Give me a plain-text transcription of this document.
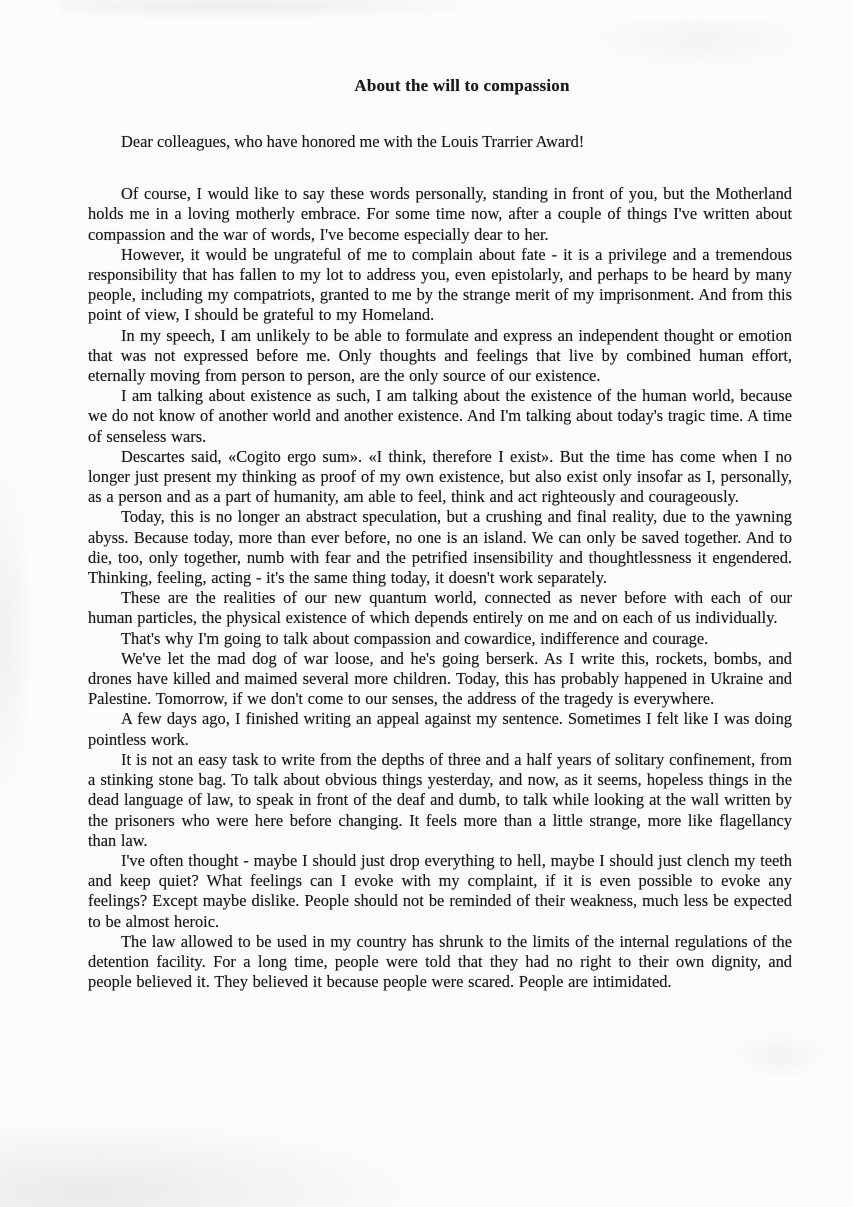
About the will to compassion

Dear colleagues, who have honored me with the Louis Trarrier Award!

Of course, I would like to say these words personally, standing in front of you, but the Motherland holds me in a loving motherly embrace. For some time now, after a couple of things I've written about compassion and the war of words, I've become especially dear to her.

However, it would be ungrateful of me to complain about fate - it is a privilege and a tremendous responsibility that has fallen to my lot to address you, even epistolarly, and perhaps to be heard by many people, including my compatriots, granted to me by the strange merit of my imprisonment. And from this point of view, I should be grateful to my Homeland.

In my speech, I am unlikely to be able to formulate and express an independent thought or emotion that was not expressed before me. Only thoughts and feelings that live by combined human effort, eternally moving from person to person, are the only source of our existence.

I am talking about existence as such, I am talking about the existence of the human world, because we do not know of another world and another existence. And I'm talking about today's tragic time. A time of senseless wars.

Descartes said, «Cogito ergo sum». «I think, therefore I exist». But the time has come when I no longer just present my thinking as proof of my own existence, but also exist only insofar as I, personally, as a person and as a part of humanity, am able to feel, think and act righteously and courageously.

Today, this is no longer an abstract speculation, but a crushing and final reality, due to the yawning abyss. Because today, more than ever before, no one is an island. We can only be saved together. And to die, too, only together, numb with fear and the petrified insensibility and thoughtlessness it engendered. Thinking, feeling, acting - it's the same thing today, it doesn't work separately.

These are the realities of our new quantum world, connected as never before with each of our human particles, the physical existence of which depends entirely on me and on each of us individually.

That's why I'm going to talk about compassion and cowardice, indifference and courage.

We've let the mad dog of war loose, and he's going berserk. As I write this, rockets, bombs, and drones have killed and maimed several more children. Today, this has probably happened in Ukraine and Palestine. Tomorrow, if we don't come to our senses, the address of the tragedy is everywhere.

A few days ago, I finished writing an appeal against my sentence. Sometimes I felt like I was doing pointless work.

It is not an easy task to write from the depths of three and a half years of solitary confinement, from a stinking stone bag. To talk about obvious things yesterday, and now, as it seems, hopeless things in the dead language of law, to speak in front of the deaf and dumb, to talk while looking at the wall written by the prisoners who were here before changing. It feels more than a little strange, more like flagellancy than law.

I've often thought - maybe I should just drop everything to hell, maybe I should just clench my teeth and keep quiet? What feelings can I evoke with my complaint, if it is even possible to evoke any feelings? Except maybe dislike. People should not be reminded of their weakness, much less be expected to be almost heroic.

The law allowed to be used in my country has shrunk to the limits of the internal regulations of the detention facility. For a long time, people were told that they had no right to their own dignity, and people believed it. They believed it because people were scared. People are intimidated.
